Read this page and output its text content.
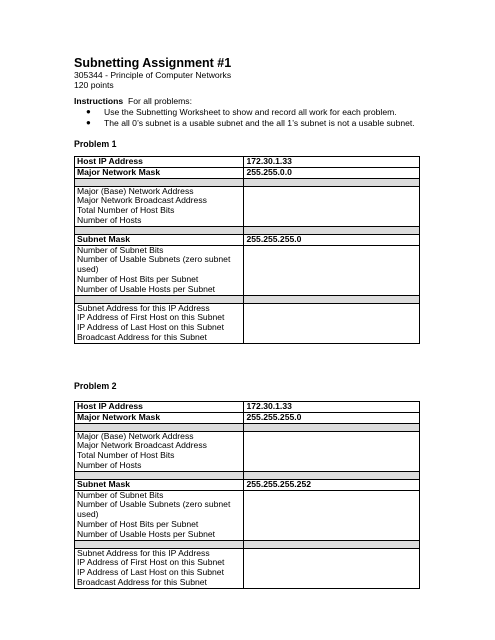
Subnetting Assignment #1
305344 - Principle of Computer Networks
120 points
Instructions For all problems:
● Use the Subnetting Worksheet to show and record all work for each problem.
● The all 0’s subnet is a usable subnet and the all 1’s subnet is not a usable subnet.
Problem 1
Host IP Address	172.30.1.33
Major Network Mask	255.255.0.0

Major (Base) Network Address
Major Network Broadcast Address
Total Number of Host Bits
Number of Hosts	

Subnet Mask	255.255.255.0

Number of Subnet Bits
Number of Usable Subnets (zero subnet
used)
Number of Host Bits per Subnet
Number of Usable Hosts per Subnet	

Subnet Address for this IP Address
IP Address of First Host on this Subnet
IP Address of Last Host on this Subnet
Broadcast Address for this Subnet	

Problem 2
Host IP Address	172.30.1.33
Major Network Mask	255.255.255.0

Major (Base) Network Address
Major Network Broadcast Address
Total Number of Host Bits
Number of Hosts	

Subnet Mask	255.255.255.252

Number of Subnet Bits
Number of Usable Subnets (zero subnet
used)
Number of Host Bits per Subnet
Number of Usable Hosts per Subnet	

Subnet Address for this IP Address
IP Address of First Host on this Subnet
IP Address of Last Host on this Subnet
Broadcast Address for this Subnet	
